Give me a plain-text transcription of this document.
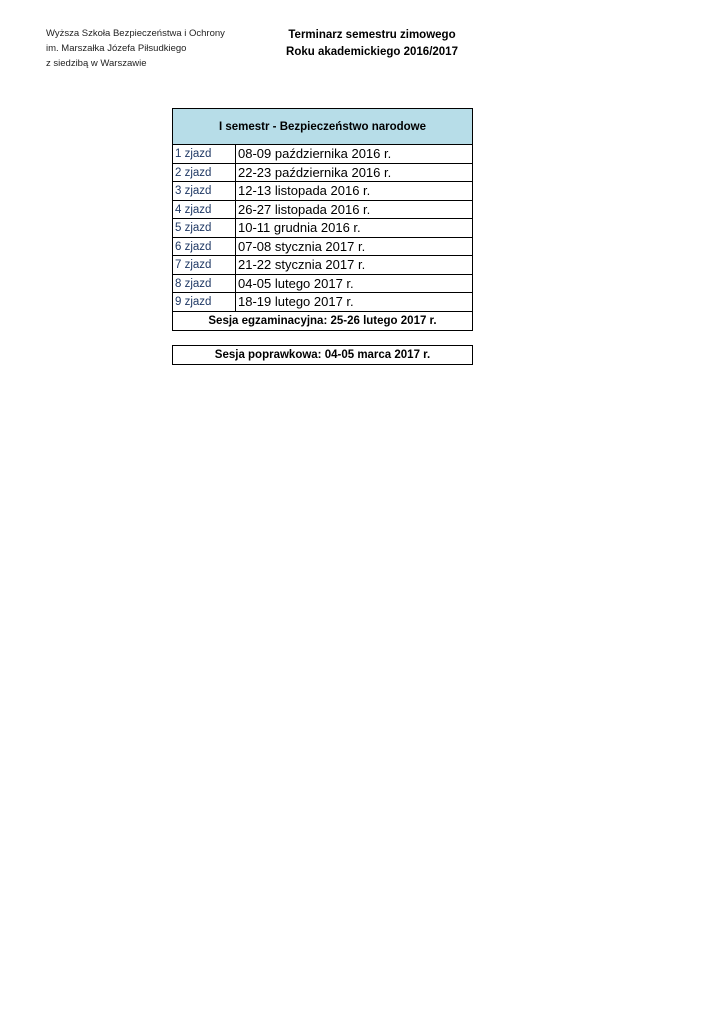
Wyższa Szkoła Bezpieczeństwa i Ochrony
im. Marszałka Józefa Piłsudkiego
z siedzibą w Warszawie
Terminarz semestru zimowego
Roku akademickiego 2016/2017
I semestr - Bezpieczeństwo narodowe
1 zjazd	08-09 października 2016 r.
2 zjazd	22-23 października 2016 r.
3 zjazd	12-13 listopada 2016 r.
4 zjazd	26-27 listopada 2016 r.
5 zjazd	10-11 grudnia 2016 r.
6 zjazd	07-08 stycznia 2017 r.
7 zjazd	21-22 stycznia 2017 r.
8 zjazd	04-05 lutego 2017 r.
9 zjazd	18-19 lutego 2017 r.
Sesja egzaminacyjna: 25-26 lutego 2017 r.
Sesja poprawkowa: 04-05 marca 2017 r.
